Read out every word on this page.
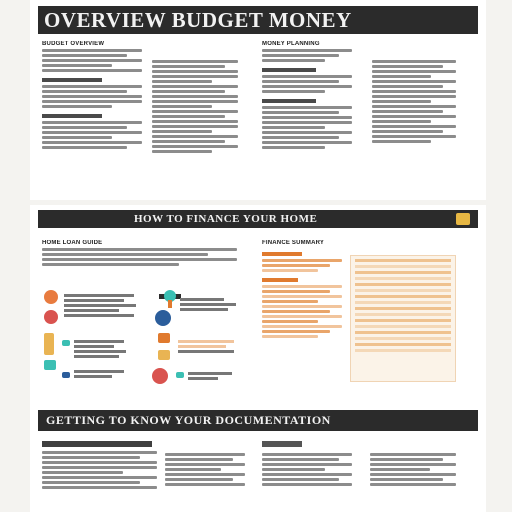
OVERVIEW BUDGET MONEY
BUDGET OVERVIEW	MONEY PLANNING
HOW TO FINANCE YOUR HOME
HOME LOAN GUIDE	FINANCE SUMMARY
GETTING TO KNOW YOUR DOCUMENTATION
